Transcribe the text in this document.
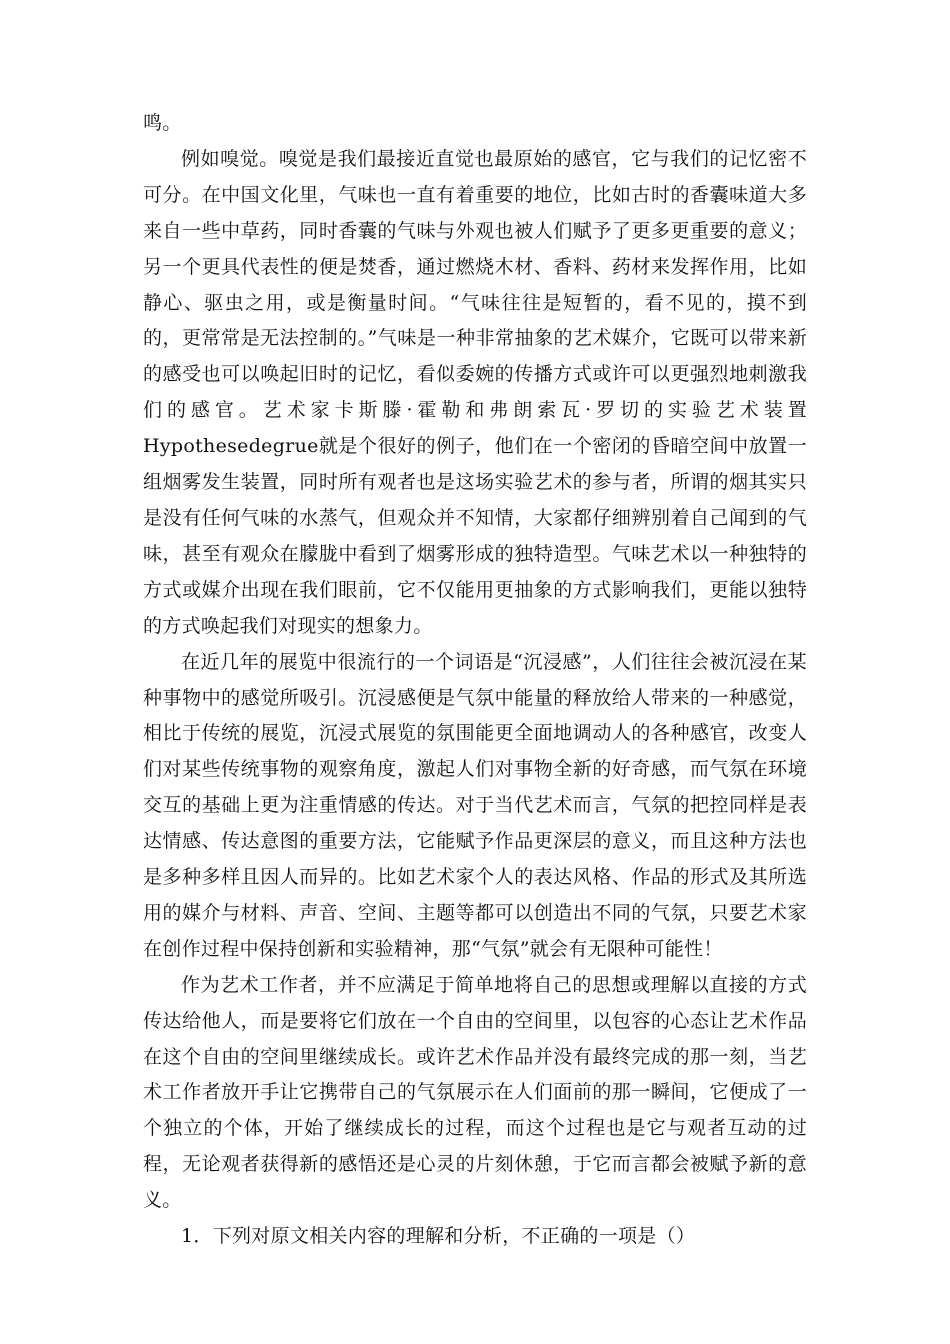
鸣。

例如嗅觉。嗅觉是我们最接近直觉也最原始的感官，它与我们的记忆密不可分。在中国文化里，气味也一直有着重要的地位，比如古时的香囊味道大多来自一些中草药，同时香囊的气味与外观也被人们赋予了更多更重要的意义；另一个更具代表性的便是焚香，通过燃烧木材、香料、药材来发挥作用，比如静心、驱虫之用，或是衡量时间。“气味往往是短暂的，看不见的，摸不到的，更常常是无法控制的。”气味是一种非常抽象的艺术媒介，它既可以带来新的感受也可以唤起旧时的记忆，看似委婉的传播方式或许可以更强烈地刺激我们的感官。艺术家卡斯滕·霍勒和弗朗索瓦·罗切的实验艺术装置Hypothesedegrue就是个很好的例子，他们在一个密闭的昏暗空间中放置一组烟雾发生装置，同时所有观者也是这场实验艺术的参与者，所谓的烟其实只是没有任何气味的水蒸气，但观众并不知情，大家都仔细辨别着自己闻到的气味，甚至有观众在朦胧中看到了烟雾形成的独特造型。气味艺术以一种独特的方式或媒介出现在我们眼前，它不仅能用更抽象的方式影响我们，更能以独特的方式唤起我们对现实的想象力。

在近几年的展览中很流行的一个词语是“沉浸感”，人们往往会被沉浸在某种事物中的感觉所吸引。沉浸感便是气氛中能量的释放给人带来的一种感觉，相比于传统的展览，沉浸式展览的氛围能更全面地调动人的各种感官，改变人们对某些传统事物的观察角度，激起人们对事物全新的好奇感，而气氛在环境交互的基础上更为注重情感的传达。对于当代艺术而言，气氛的把控同样是表达情感、传达意图的重要方法，它能赋予作品更深层的意义，而且这种方法也是多种多样且因人而异的。比如艺术家个人的表达风格、作品的形式及其所选用的媒介与材料、声音、空间、主题等都可以创造出不同的气氛，只要艺术家在创作过程中保持创新和实验精神，那“气氛”就会有无限种可能性！

作为艺术工作者，并不应满足于简单地将自己的思想或理解以直接的方式传达给他人，而是要将它们放在一个自由的空间里，以包容的心态让艺术作品在这个自由的空间里继续成长。或许艺术作品并没有最终完成的那一刻，当艺术工作者放开手让它携带自己的气氛展示在人们面前的那一瞬间，它便成了一个独立的个体，开始了继续成长的过程，而这个过程也是它与观者互动的过程，无论观者获得新的感悟还是心灵的片刻休憩，于它而言都会被赋予新的意义。

1．下列对原文相关内容的理解和分析，不正确的一项是（）
